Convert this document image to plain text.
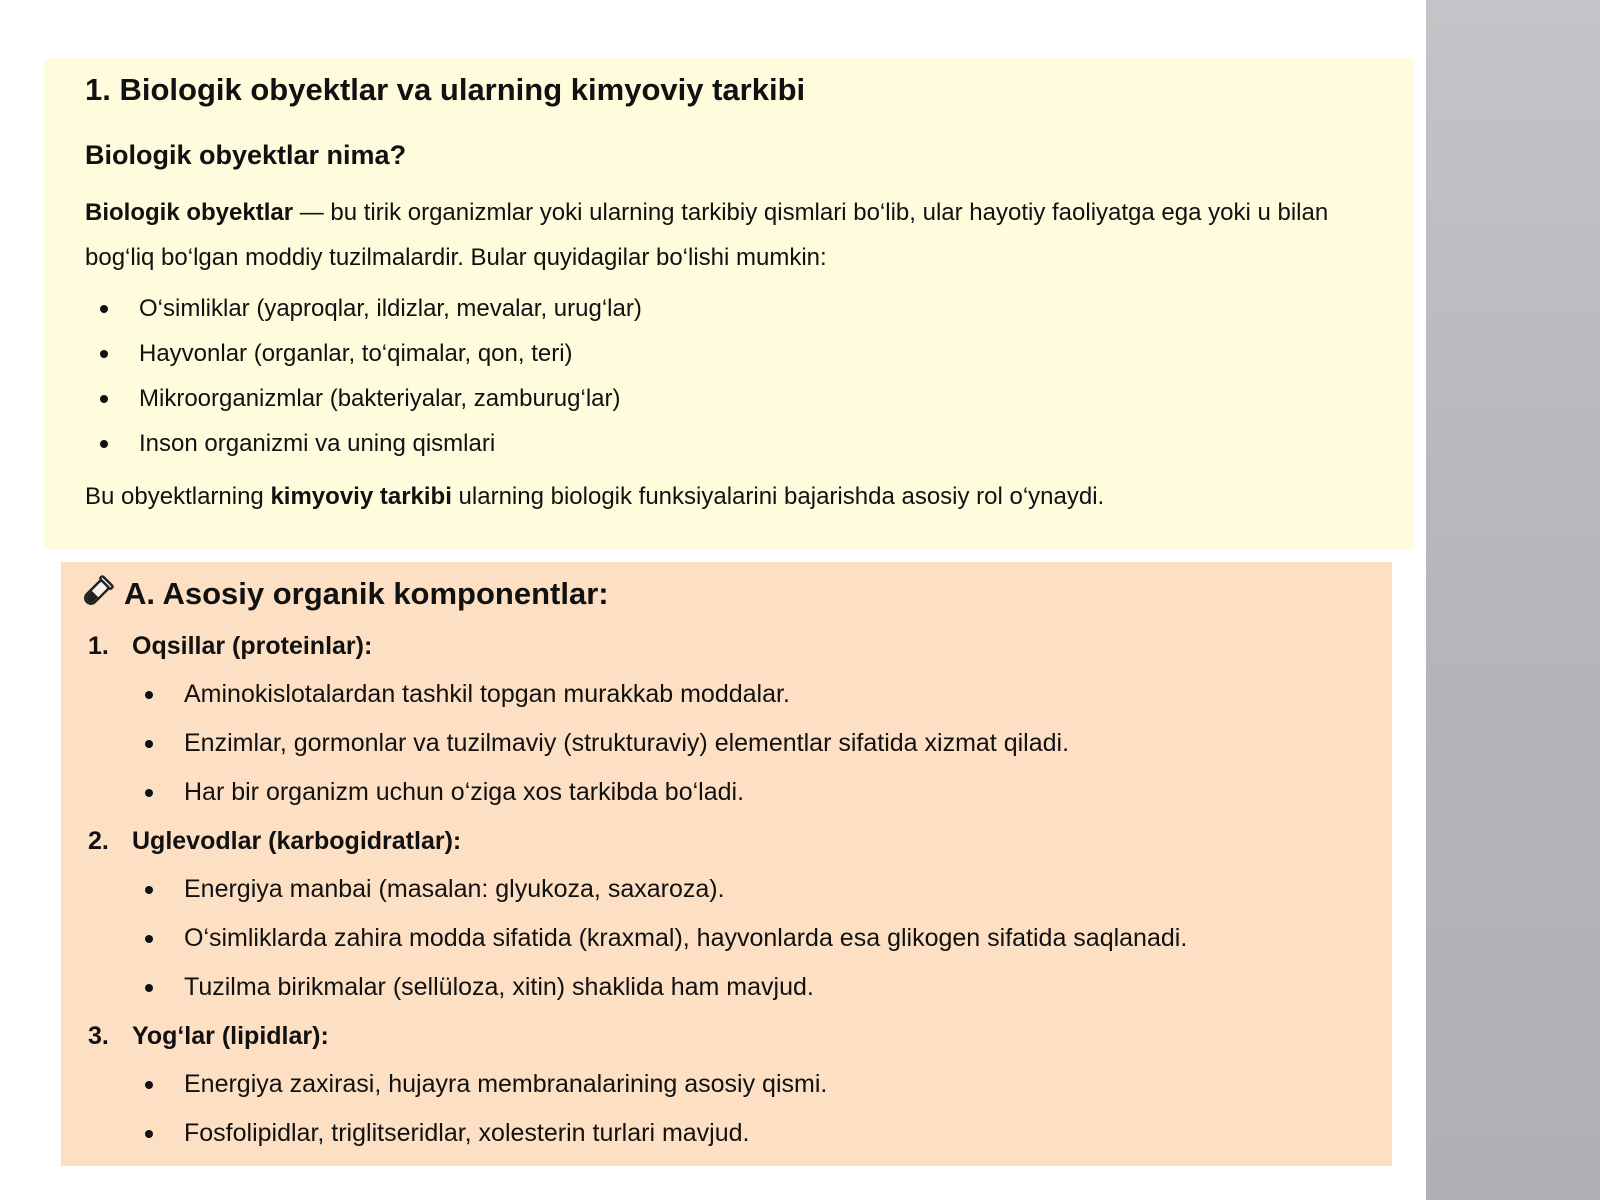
1. Biologik obyektlar va ularning kimyoviy tarkibi
Biologik obyektlar nima?

Biologik obyektlar — bu tirik organizmlar yoki ularning tarkibiy qismlari bo‘lib, ular hayotiy faoliyatga ega yoki u bilan bog‘liq bo‘lgan moddiy tuzilmalardir. Bular quyidagilar bo‘lishi mumkin:

O‘simliklar (yaproqlar, ildizlar, mevalar, urug‘lar)
Hayvonlar (organlar, to‘qimalar, qon, teri)
Mikroorganizmlar (bakteriyalar, zamburug‘lar)
Inson organizmi va uning qismlari

Bu obyektlarning kimyoviy tarkibi ularning biologik funksiyalarini bajarishda asosiy rol o‘ynaydi.

A. Asosiy organik komponentlar:
1. Oqsillar (proteinlar):
Aminokislotalardan tashkil topgan murakkab moddalar.
Enzimlar, gormonlar va tuzilmaviy (strukturaviy) elementlar sifatida xizmat qiladi.
Har bir organizm uchun o‘ziga xos tarkibda bo‘ladi.
2. Uglevodlar (karbogidratlar):
Energiya manbai (masalan: glyukoza, saxaroza).
O‘simliklarda zahira modda sifatida (kraxmal), hayvonlarda esa glikogen sifatida saqlanadi.
Tuzilma birikmalar (sellüloza, xitin) shaklida ham mavjud.
3. Yog‘lar (lipidlar):
Energiya zaxirasi, hujayra membranalarining asosiy qismi.
Fosfolipidlar, triglitseridlar, xolesterin turlari mavjud.
